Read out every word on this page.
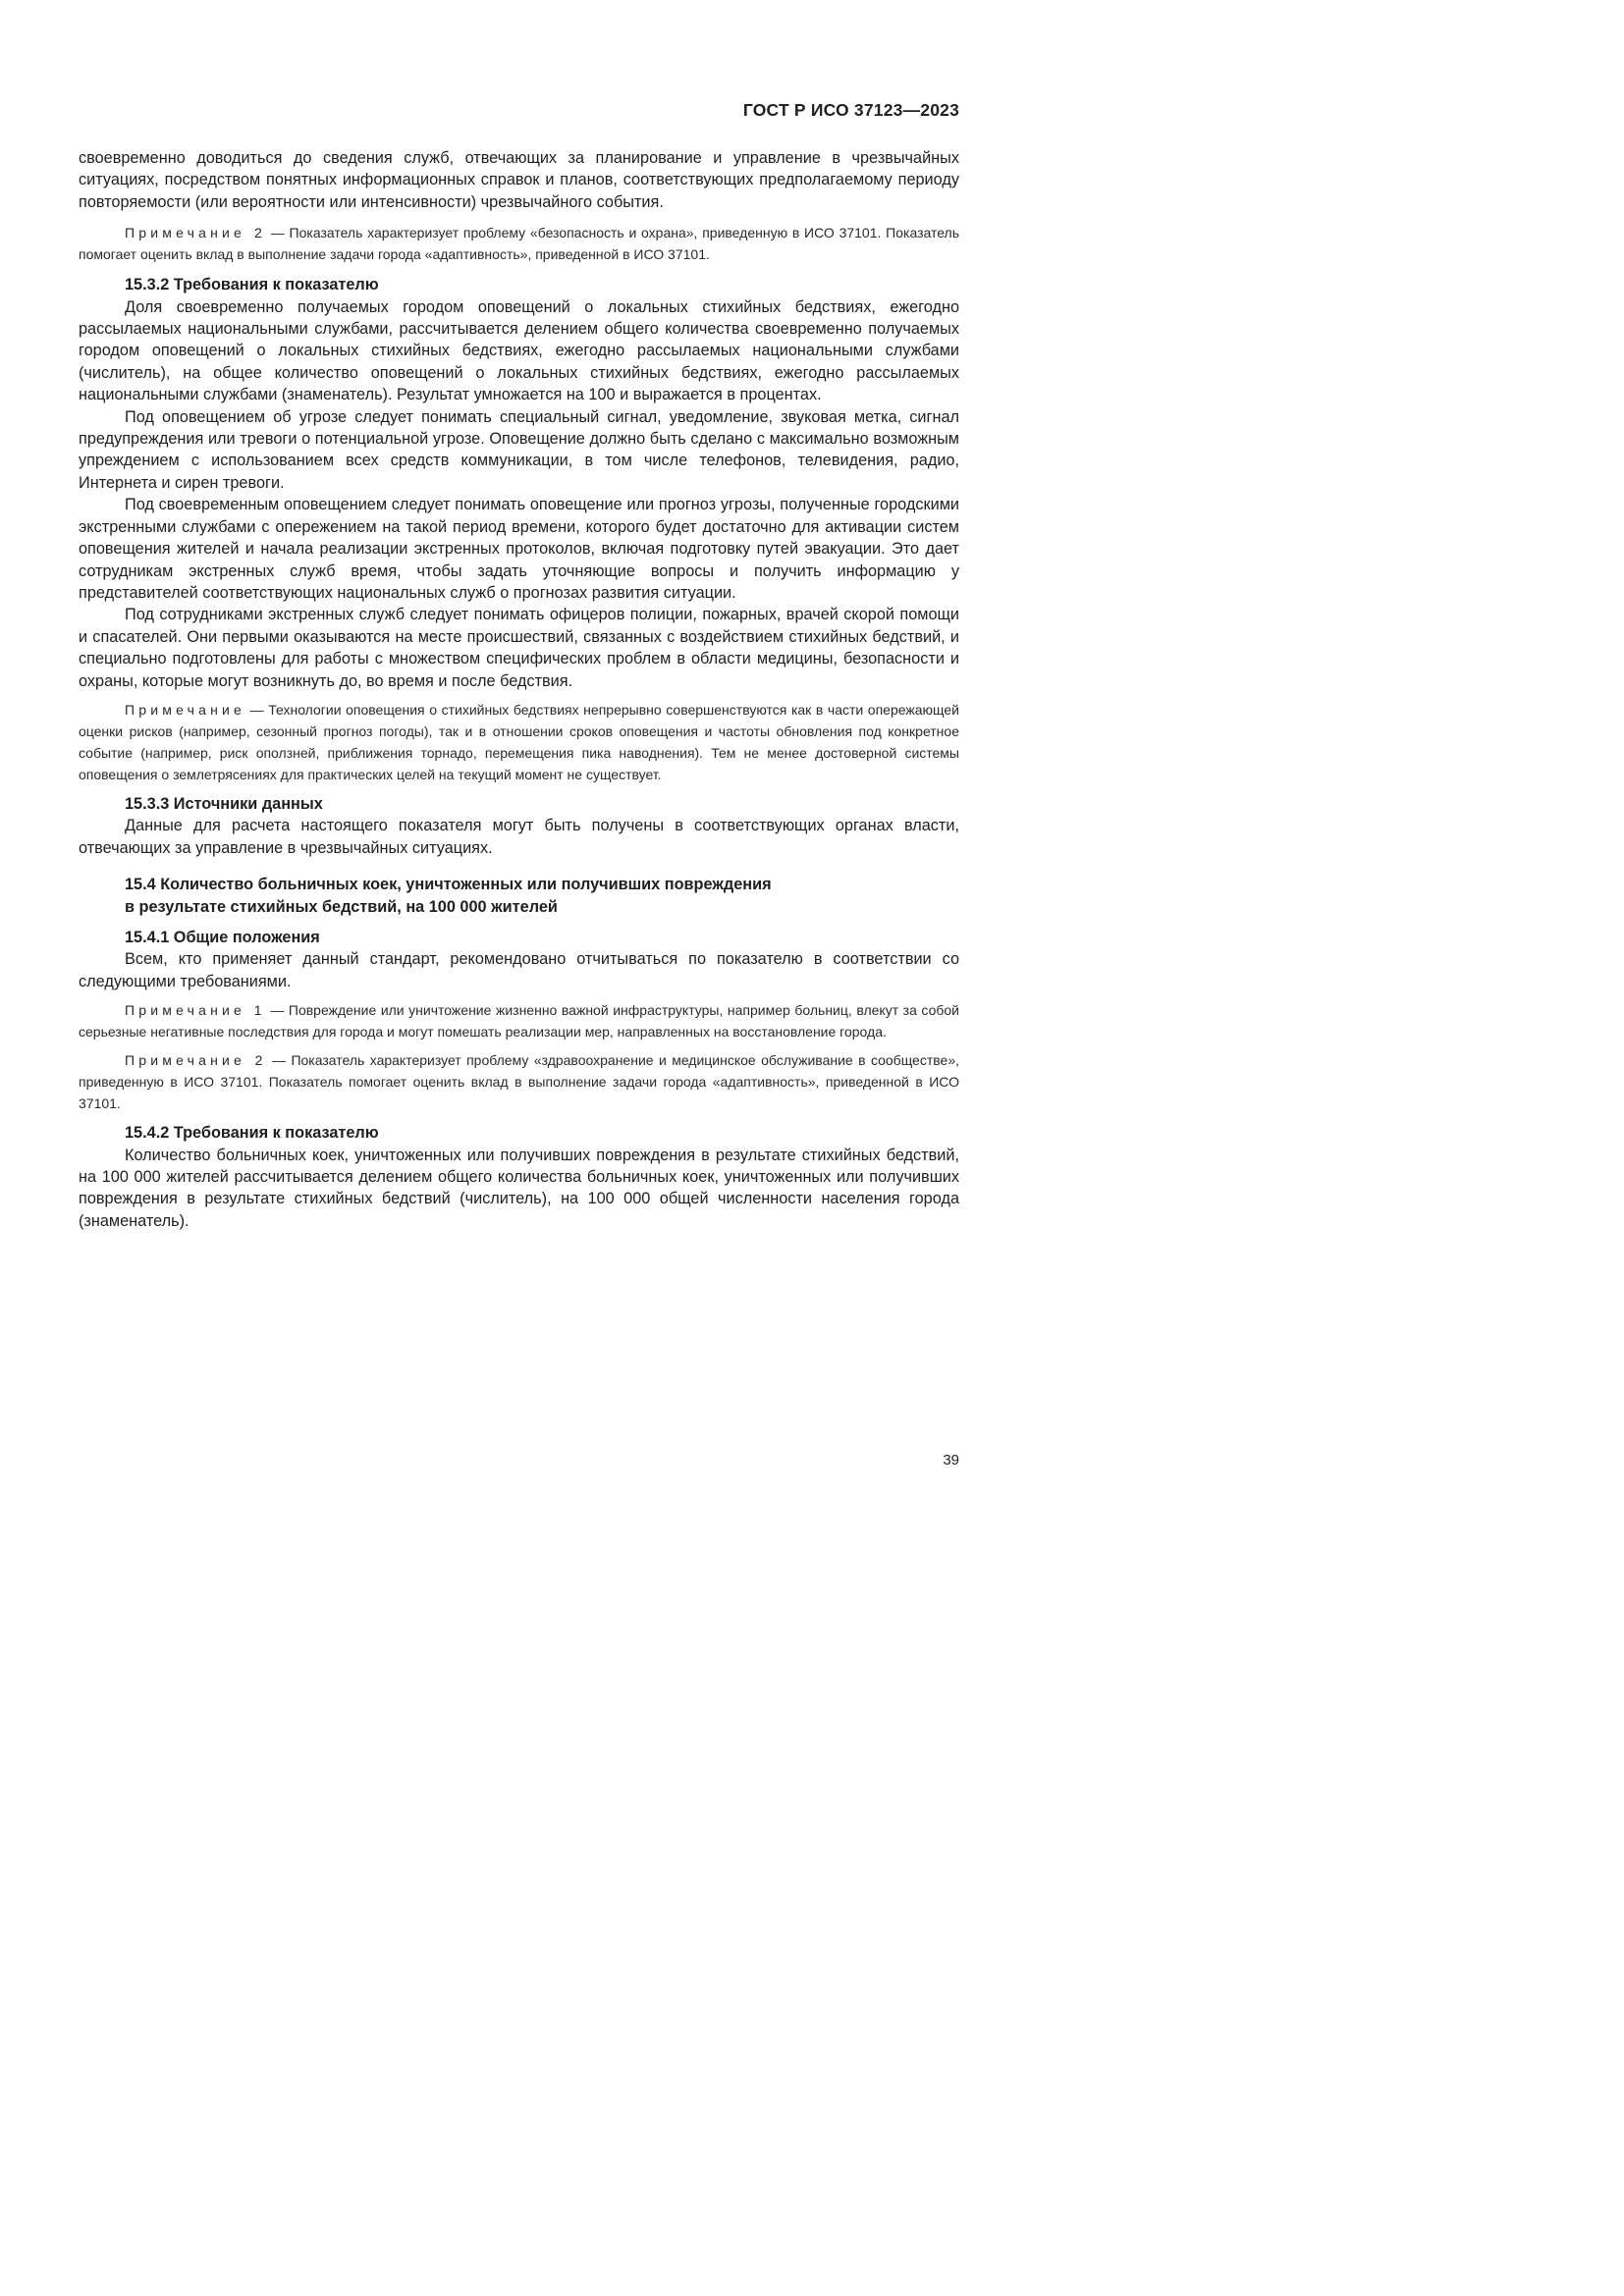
ГОСТ Р ИСО 37123—2023

своевременно доводиться до сведения служб, отвечающих за планирование и управление в чрезвычайных ситуациях, посредством понятных информационных справок и планов, соответствующих предполагаемому периоду повторяемости (или вероятности или интенсивности) чрезвычайного события.

Примечание 2 — Показатель характеризует проблему «безопасность и охрана», приведенную в ИСО 37101. Показатель помогает оценить вклад в выполнение задачи города «адаптивность», приведенной в ИСО 37101.

15.3.2 Требования к показателю

Доля своевременно получаемых городом оповещений о локальных стихийных бедствиях, ежегодно рассылаемых национальными службами, рассчитывается делением общего количества своевременно получаемых городом оповещений о локальных стихийных бедствиях, ежегодно рассылаемых национальными службами (числитель), на общее количество оповещений о локальных стихийных бедствиях, ежегодно рассылаемых национальными службами (знаменатель). Результат умножается на 100 и выражается в процентах.

Под оповещением об угрозе следует понимать специальный сигнал, уведомление, звуковая метка, сигнал предупреждения или тревоги о потенциальной угрозе. Оповещение должно быть сделано с максимально возможным упреждением с использованием всех средств коммуникации, в том числе телефонов, телевидения, радио, Интернета и сирен тревоги.

Под своевременным оповещением следует понимать оповещение или прогноз угрозы, полученные городскими экстренными службами с опережением на такой период времени, которого будет достаточно для активации систем оповещения жителей и начала реализации экстренных протоколов, включая подготовку путей эвакуации. Это дает сотрудникам экстренных служб время, чтобы задать уточняющие вопросы и получить информацию у представителей соответствующих национальных служб о прогнозах развития ситуации.

Под сотрудниками экстренных служб следует понимать офицеров полиции, пожарных, врачей скорой помощи и спасателей. Они первыми оказываются на месте происшествий, связанных с воздействием стихийных бедствий, и специально подготовлены для работы с множеством специфических проблем в области медицины, безопасности и охраны, которые могут возникнуть до, во время и после бедствия.

Примечание — Технологии оповещения о стихийных бедствиях непрерывно совершенствуются как в части опережающей оценки рисков (например, сезонный прогноз погоды), так и в отношении сроков оповещения и частоты обновления под конкретное событие (например, риск оползней, приближения торнадо, перемещения пика наводнения). Тем не менее достоверной системы оповещения о землетрясениях для практических целей на текущий момент не существует.

15.3.3 Источники данных

Данные для расчета настоящего показателя могут быть получены в соответствующих органах власти, отвечающих за управление в чрезвычайных ситуациях.

15.4 Количество больничных коек, уничтоженных или получивших повреждения
в результате стихийных бедствий, на 100 000 жителей

15.4.1 Общие положения

Всем, кто применяет данный стандарт, рекомендовано отчитываться по показателю в соответствии со следующими требованиями.

Примечание 1 — Повреждение или уничтожение жизненно важной инфраструктуры, например больниц, влекут за собой серьезные негативные последствия для города и могут помешать реализации мер, направленных на восстановление города.

Примечание 2 — Показатель характеризует проблему «здравоохранение и медицинское обслуживание в сообществе», приведенную в ИСО 37101. Показатель помогает оценить вклад в выполнение задачи города «адаптивность», приведенной в ИСО 37101.

15.4.2 Требования к показателю

Количество больничных коек, уничтоженных или получивших повреждения в результате стихийных бедствий, на 100 000 жителей рассчитывается делением общего количества больничных коек, уничтоженных или получивших повреждения в результате стихийных бедствий (числитель), на 100 000 общей численности населения города (знаменатель).

39
